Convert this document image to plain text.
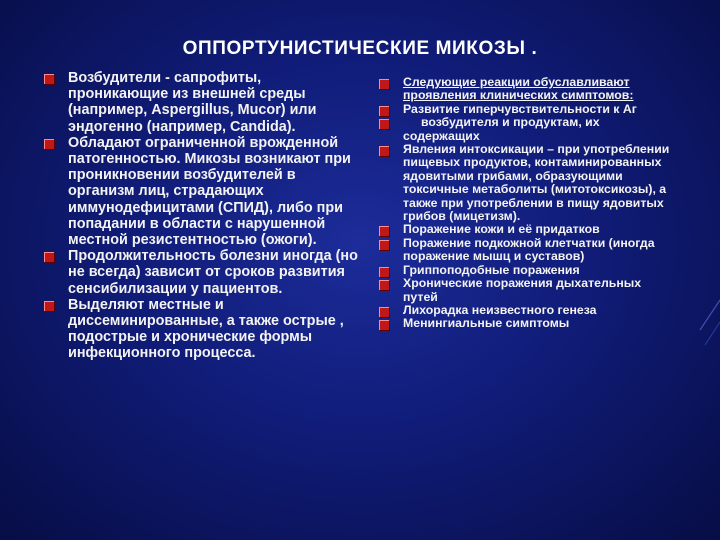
ОППОРТУНИСТИЧЕСКИЕ МИКОЗЫ .
Возбудители - сапрофиты, проникающие из внешней среды (например, Aspergillus, Mucor) или эндогенно (например, Candida).
Обладают ограниченной врожденной патогенностью. Микозы возникают при проникновении возбудителей в организм лиц, страдающих иммунодефицитами (СПИД), либо при попадании в области с нарушенной местной резистентностью (ожоги).
Продолжительность болезни иногда (но не всегда) зависит от сроков развития сенсибилизации у пациентов.
Выделяют местные и диссеминированные, а также острые , подострые и хронические формы инфекционного процесса.
Следующие реакции обуславливают проявления клинических симптомов:
Развитие гиперчувствительности к Аг
возбудителя и продуктам, их содержащих
Явления интоксикации – при употреблении пищевых продуктов, контаминированных ядовитыми грибами, образующими токсичные метаболиты (митотоксикозы), а также при употреблении в пищу ядовитых грибов (мицетизм).
Поражение кожи и её придатков
Поражение подкожной клетчатки (иногда поражение мышц и суставов)
Гриппоподобные поражения
Хронические поражения дыхательных путей
Лихорадка неизвестного генеза
Менингиальные симптомы
